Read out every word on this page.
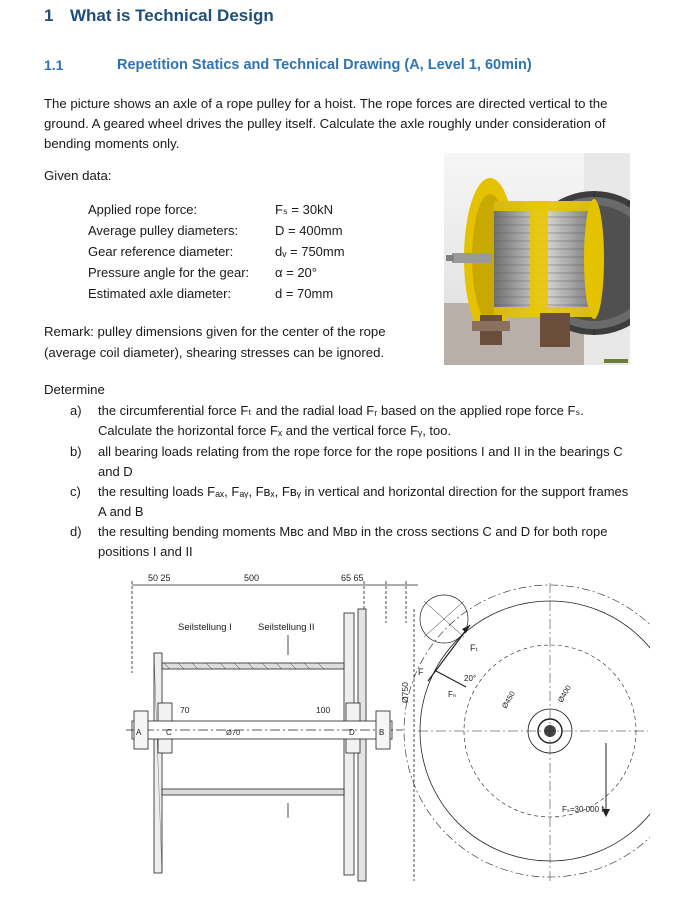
1 What is Technical Design
1.1	Repetition Statics and Technical Drawing (A, Level 1, 60min)
The picture shows an axle of a rope pulley for a hoist. The rope forces are directed vertical to the ground. A geared wheel drives the pulley itself. Calculate the axle roughly under consideration of bending moments only.
Given data:
Applied rope force:	Fₛ = 30kN
Average pulley diameters:	D = 400mm
Gear reference diameter:	dᵥ = 750mm
Pressure angle for the gear:	α = 20°
Estimated axle diameter:	d = 70mm
Remark: pulley dimensions given for the center of the rope (average coil diameter), shearing stresses can be ignored.
Determine
a)	the circumferential force Fₜ and the radial load Fᵣ based on the applied rope force Fₛ.
Calculate the horizontal force Fₓ and the vertical force Fᵧ, too.
b)	all bearing loads relating from the rope force for the rope positions I and II in the bearings C
and D
c)	the resulting loads Fₐₓ, Fₐᵧ, Fʙₓ, Fʙᵧ in vertical and horizontal direction for the support frames
A and B
d)	the resulting bending moments Mʙc and Mʙᴅ in the cross sections C and D for both rope
positions I and II
50 25	500	65 65
Seilstellung I	Seilstellung II
A	C	D	B
70
Ø70
100
Ø750
Fₜ
F
Fₙ
20°
Ø450	Ø400
Fₛ=30 000 N
